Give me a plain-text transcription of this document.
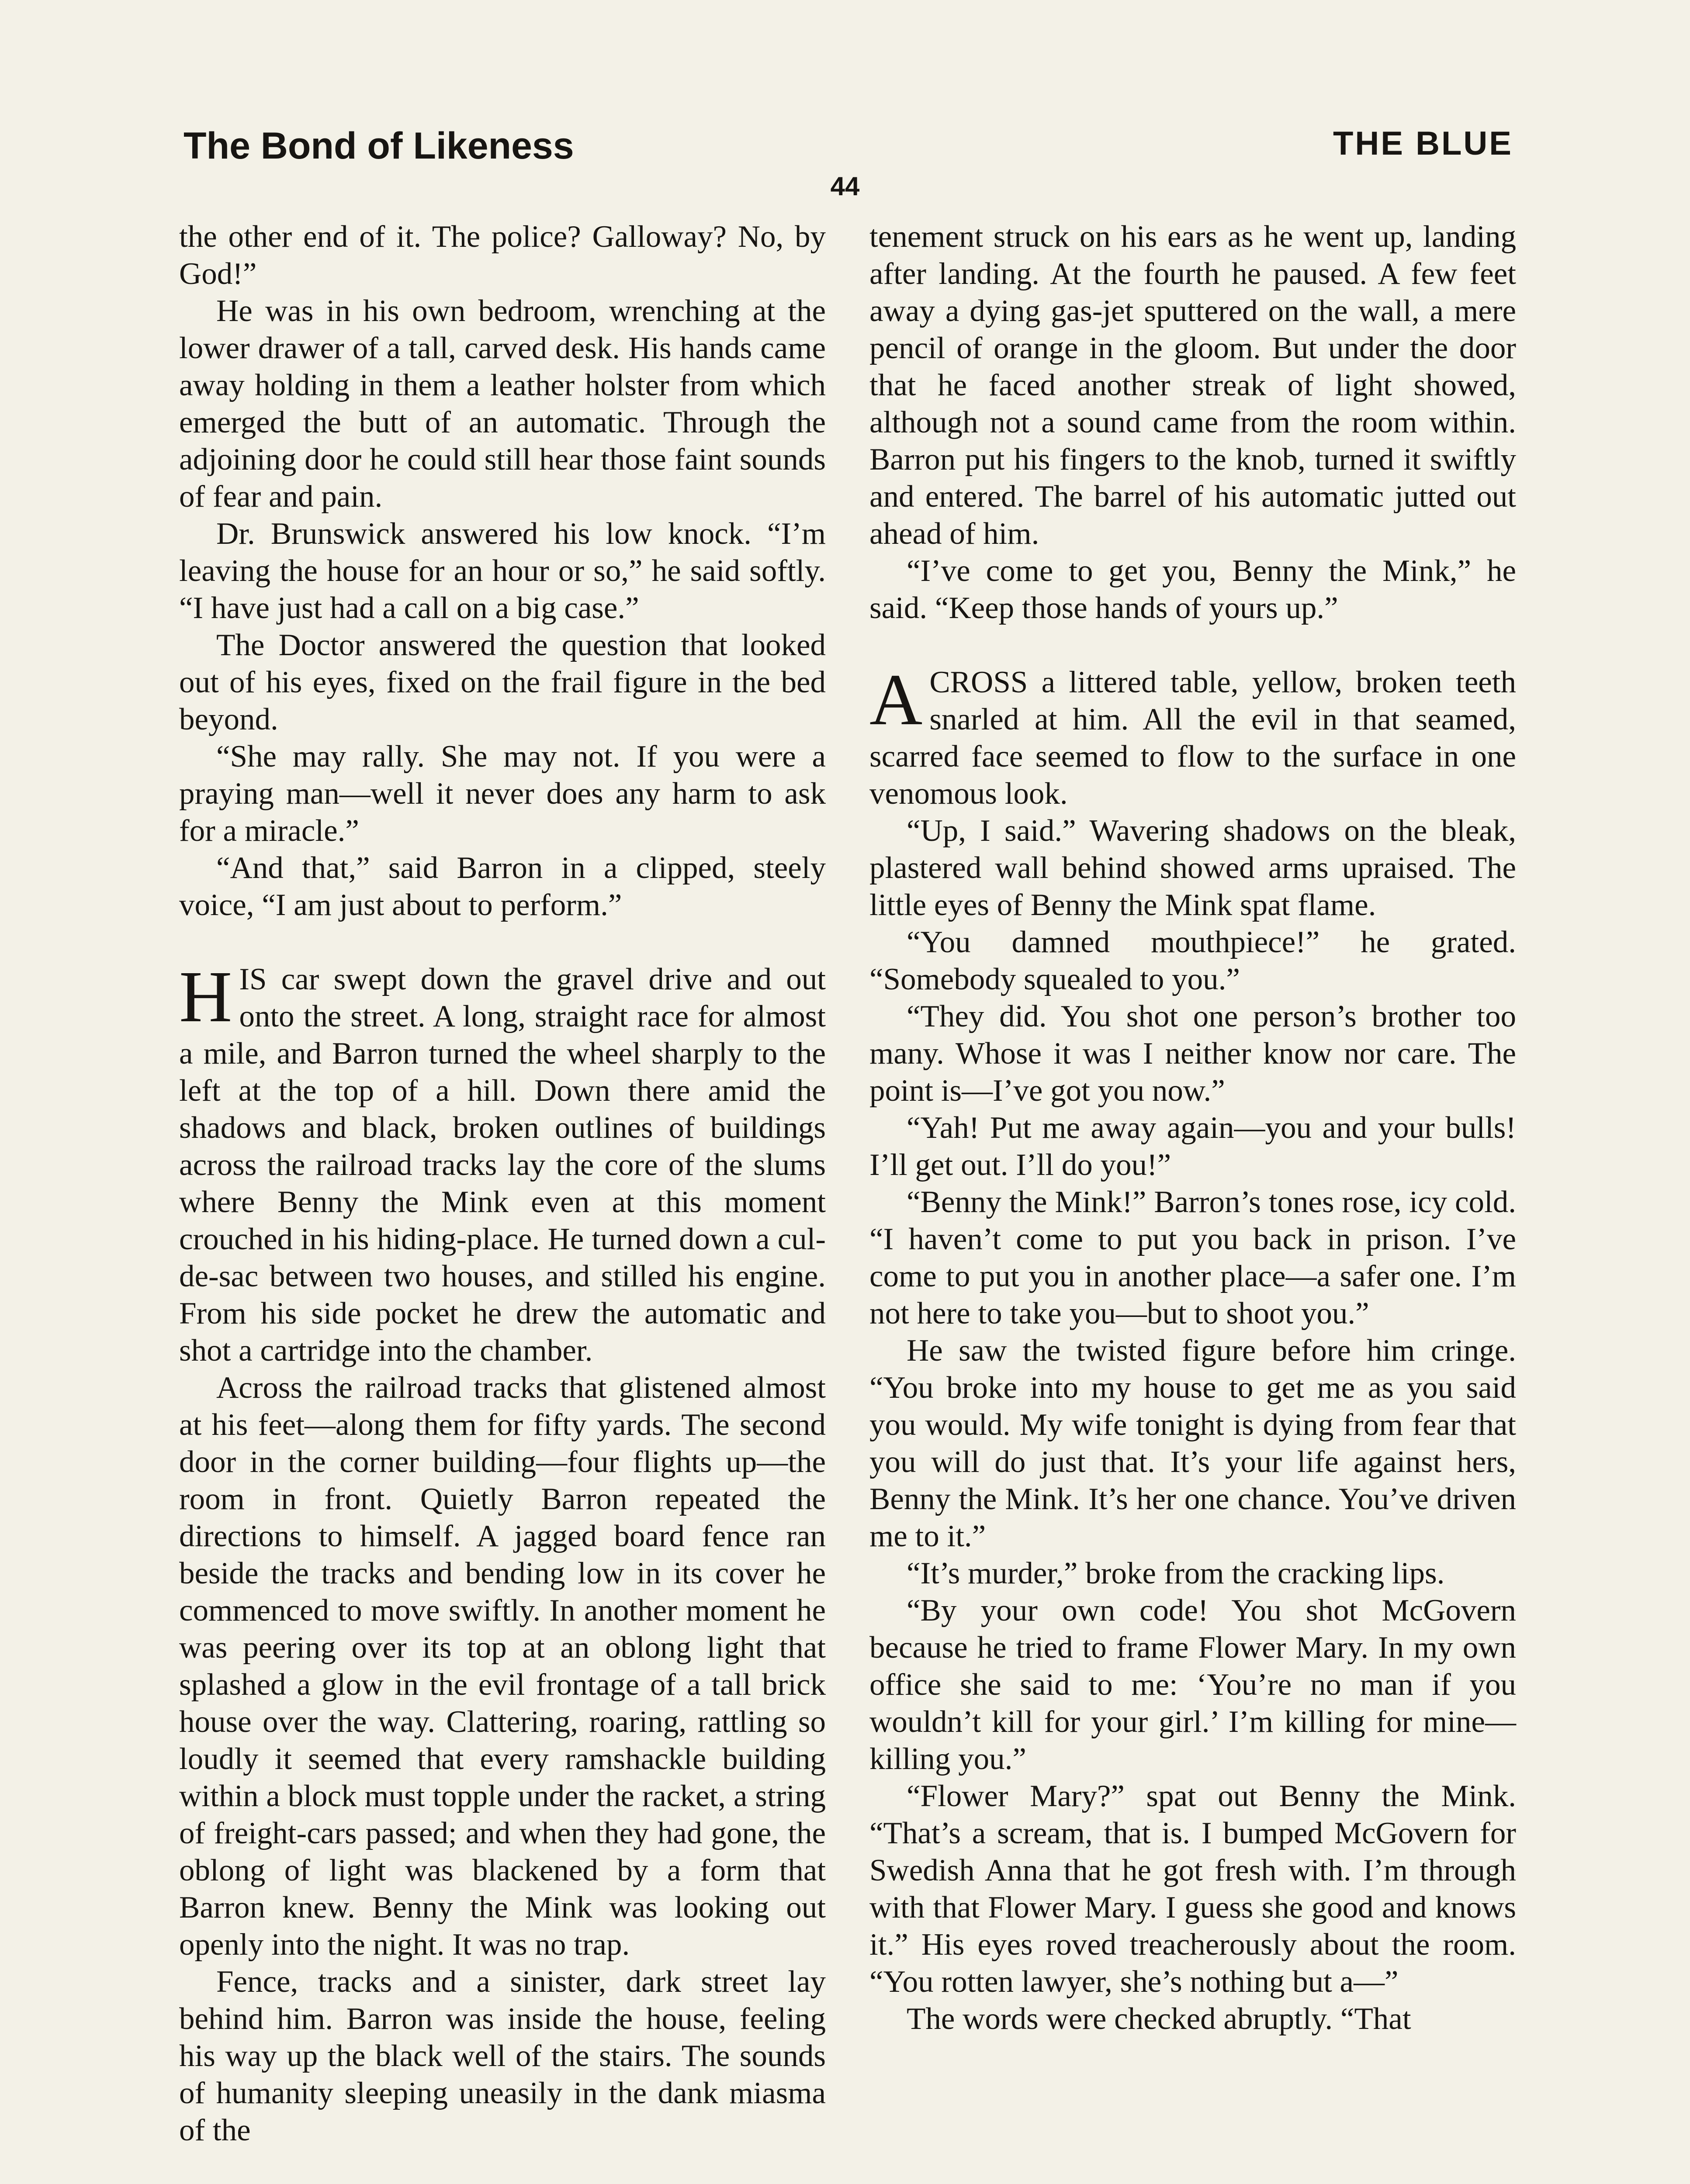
The Bond of Likeness	THE BLUE
44

the other end of it. The police? Galloway? No, by God!”

He was in his own bedroom, wrenching at the lower drawer of a tall, carved desk. His hands came away holding in them a leather holster from which emerged the butt of an automatic. Through the adjoining door he could still hear those faint sounds of fear and pain.

Dr. Brunswick answered his low knock. “I’m leaving the house for an hour or so,” he said softly. “I have just had a call on a big case.”

The Doctor answered the question that looked out of his eyes, fixed on the frail figure in the bed beyond.

“She may rally. She may not. If you were a praying man—well it never does any harm to ask for a miracle.”

“And that,” said Barron in a clipped, steely voice, “I am just about to perform.”

HIS car swept down the gravel drive and out onto the street. A long, straight race for almost a mile, and Barron turned the wheel sharply to the left at the top of a hill. Down there amid the shadows and black, broken outlines of buildings across the railroad tracks lay the core of the slums where Benny the Mink even at this moment crouched in his hiding-place. He turned down a cul-de-sac between two houses, and stilled his engine. From his side pocket he drew the automatic and shot a cartridge into the chamber.

Across the railroad tracks that glistened almost at his feet—along them for fifty yards. The second door in the corner building—four flights up—the room in front. Quietly Barron repeated the directions to himself. A jagged board fence ran beside the tracks and bending low in its cover he commenced to move swiftly. In another moment he was peering over its top at an oblong light that splashed a glow in the evil frontage of a tall brick house over the way. Clattering, roaring, rattling so loudly it seemed that every ramshackle building within a block must topple under the racket, a string of freight-cars passed; and when they had gone, the oblong of light was blackened by a form that Barron knew. Benny the Mink was looking out openly into the night. It was no trap.

Fence, tracks and a sinister, dark street lay behind him. Barron was inside the house, feeling his way up the black well of the stairs. The sounds of humanity sleeping uneasily in the dank miasma of the

tenement struck on his ears as he went up, landing after landing. At the fourth he paused. A few feet away a dying gas-jet sputtered on the wall, a mere pencil of orange in the gloom. But under the door that he faced another streak of light showed, although not a sound came from the room within. Barron put his fingers to the knob, turned it swiftly and entered. The barrel of his automatic jutted out ahead of him.

“I’ve come to get you, Benny the Mink,” he said. “Keep those hands of yours up.”

ACROSS a littered table, yellow, broken teeth snarled at him. All the evil in that seamed, scarred face seemed to flow to the surface in one venomous look.

“Up, I said.” Wavering shadows on the bleak, plastered wall behind showed arms upraised. The little eyes of Benny the Mink spat flame.

“You damned mouthpiece!” he grated. “Somebody squealed to you.”

“They did. You shot one person’s brother too many. Whose it was I neither know nor care. The point is—I’ve got you now.”

“Yah! Put me away again—you and your bulls! I’ll get out. I’ll do you!”

“Benny the Mink!” Barron’s tones rose, icy cold. “I haven’t come to put you back in prison. I’ve come to put you in another place—a safer one. I’m not here to take you—but to shoot you.”

He saw the twisted figure before him cringe. “You broke into my house to get me as you said you would. My wife tonight is dying from fear that you will do just that. It’s your life against hers, Benny the Mink. It’s her one chance. You’ve driven me to it.”

“It’s murder,” broke from the cracking lips.

“By your own code! You shot McGovern because he tried to frame Flower Mary. In my own office she said to me: ‘You’re no man if you wouldn’t kill for your girl.’ I’m killing for mine—killing you.”

“Flower Mary?” spat out Benny the Mink. “That’s a scream, that is. I bumped McGovern for Swedish Anna that he got fresh with. I’m through with that Flower Mary. I guess she good and knows it.” His eyes roved treacherously about the room. “You rotten lawyer, she’s nothing but a—”

The words were checked abruptly. “That
